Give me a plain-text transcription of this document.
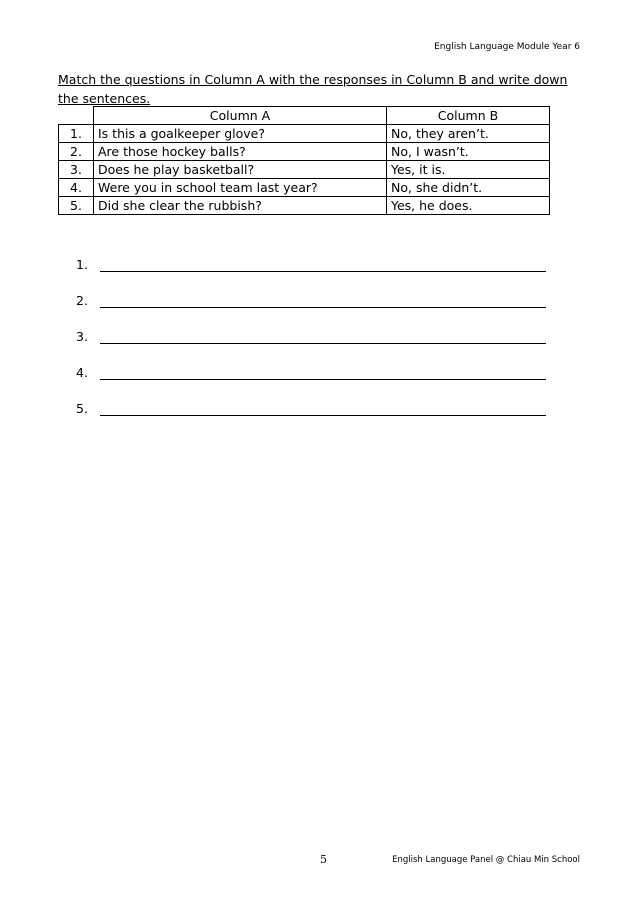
English Language Module Year 6
Match the questions in Column A with the responses in Column B and write down the sentences.
	Column A	Column B
1.	Is this a goalkeeper glove?	No, they aren’t.
2.	Are those hockey balls?	No, I wasn’t.
3.	Does he play basketball?	Yes, it is.
4.	Were you in school team last year?	No, she didn’t.
5.	Did she clear the rubbish?	Yes, he does.
1.
2.
3.
4.
5.
5	English Language Panel @ Chiau Min School
